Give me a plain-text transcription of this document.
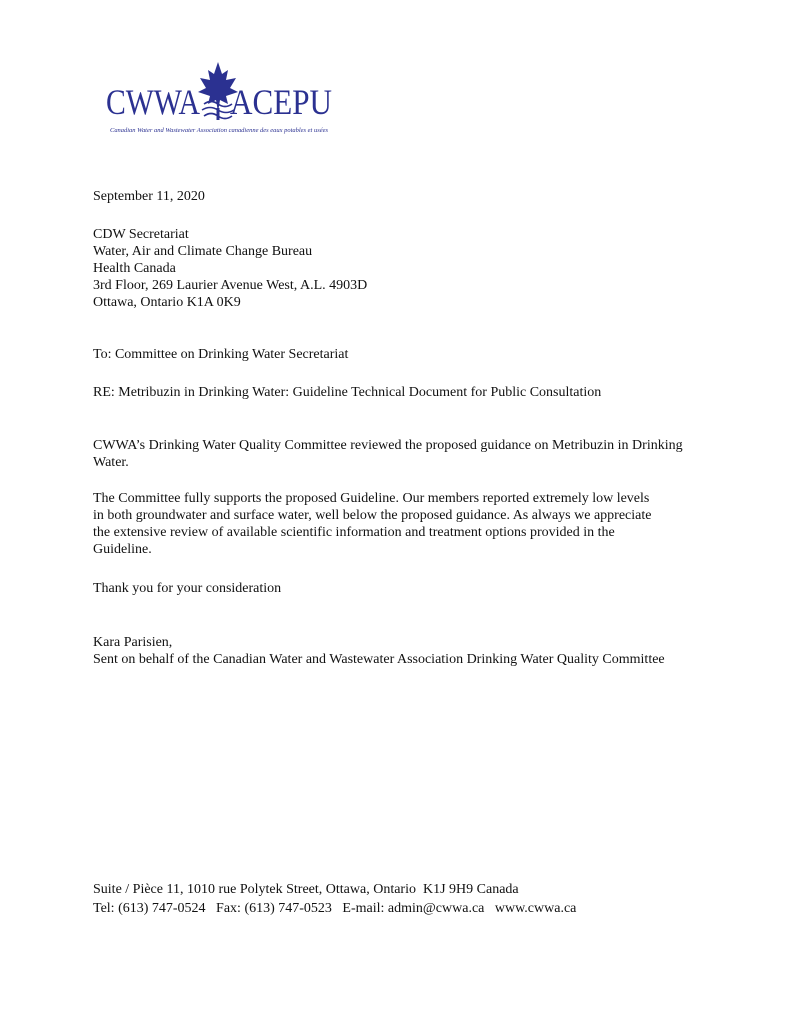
CWWA ACEPU
Canadian Water and Wastewater Association canadienne des eaux potables et usées

September 11, 2020

CDW Secretariat

Water, Air and Climate Change Bureau

Health Canada

3rd Floor, 269 Laurier Avenue West, A.L. 4903D

Ottawa, Ontario K1A 0K9

To: Committee on Drinking Water Secretariat

RE: Metribuzin in Drinking Water: Guideline Technical Document for Public Consultation

CWWA’s Drinking Water Quality Committee reviewed the proposed guidance on Metribuzin in Drinking Water.

The Committee fully supports the proposed Guideline. Our members reported extremely low levels in both groundwater and surface water, well below the proposed guidance. As always we appreciate the extensive review of available scientific information and treatment options provided in the Guideline.

Thank you for your consideration

Kara Parisien,

Sent on behalf of the Canadian Water and Wastewater Association Drinking Water Quality Committee

Suite / Pièce 11, 1010 rue Polytek Street, Ottawa, Ontario  K1J 9H9 Canada

Tel: (613) 747-0524   Fax: (613) 747-0523   E-mail: admin@cwwa.ca   www.cwwa.ca
